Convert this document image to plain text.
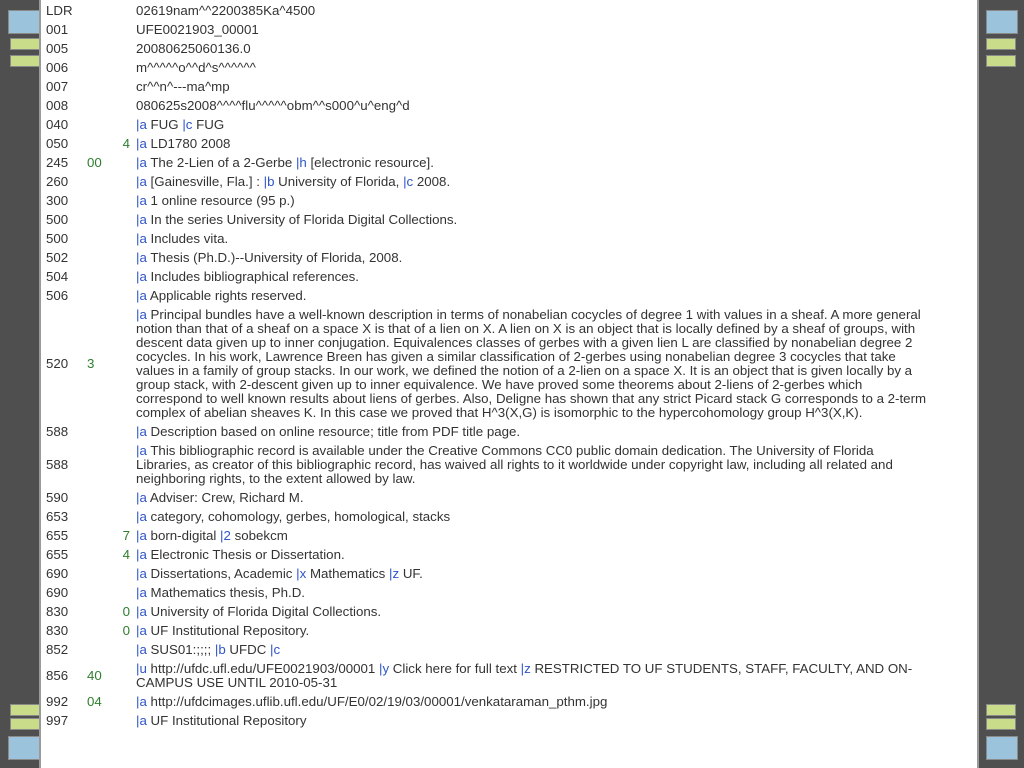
LDR		02619nam^^2200385Ka^4500
001		UFE0021903_00001
005		20080625060136.0
006		m^^^^^o^^d^s^^^^^^
007		cr^^n^---ma^mp
008		080625s2008^^^^flu^^^^^obm^^s000^u^eng^d
040		|a FUG |c FUG
050	4	|a LD1780 2008
245	00	|a The 2-Lien of a 2-Gerbe |h [electronic resource].
260		|a [Gainesville, Fla.] : |b University of Florida, |c 2008.
300		|a 1 online resource (95 p.)
500		|a In the series University of Florida Digital Collections.
500		|a Includes vita.
502		|a Thesis (Ph.D.)--University of Florida, 2008.
504		|a Includes bibliographical references.
506		|a Applicable rights reserved.
520	3	|a Principal bundles have a well-known description in terms of nonabelian cocycles of degree 1 with values in a sheaf. A more general notion than that of a sheaf on a space X is that of a lien on X. A lien on X is an object that is locally defined by a sheaf of groups, with descent data given up to inner conjugation. Equivalences classes of gerbes with a given lien L are classified by nonabelian degree 2 cocycles. In his work, Lawrence Breen has given a similar classification of 2-gerbes using nonabelian degree 3 cocycles that take values in a family of group stacks. In our work, we defined the notion of a 2-lien on a space X. It is an object that is given locally by a group stack, with 2-descent given up to inner equivalence. We have proved some theorems about 2-liens of 2-gerbes which correspond to well known results about liens of gerbes. Also, Deligne has shown that any strict Picard stack G corresponds to a 2-term complex of abelian sheaves K. In this case we proved that H^3(X,G) is isomorphic to the hypercohomology group H^3(X,K).
588		|a Description based on online resource; title from PDF title page.
588		|a This bibliographic record is available under the Creative Commons CC0 public domain dedication. The University of Florida Libraries, as creator of this bibliographic record, has waived all rights to it worldwide under copyright law, including all related and neighboring rights, to the extent allowed by law.
590		|a Adviser: Crew, Richard M.
653		|a category, cohomology, gerbes, homological, stacks
655	7	|a born-digital |2 sobekcm
655	4	|a Electronic Thesis or Dissertation.
690		|a Dissertations, Academic |x Mathematics |z UF.
690		|a Mathematics thesis, Ph.D.
830	0	|a University of Florida Digital Collections.
830	0	|a UF Institutional Repository.
852		|a SUS01:;;;; |b UFDC |c
856	40	|u http://ufdc.ufl.edu/UFE0021903/00001 |y Click here for full text |z RESTRICTED TO UF STUDENTS, STAFF, FACULTY, AND ON-CAMPUS USE UNTIL 2010-05-31
992	04	|a http://ufdcimages.uflib.ufl.edu/UF/E0/02/19/03/00001/venkataraman_pthm.jpg
997		|a UF Institutional Repository
